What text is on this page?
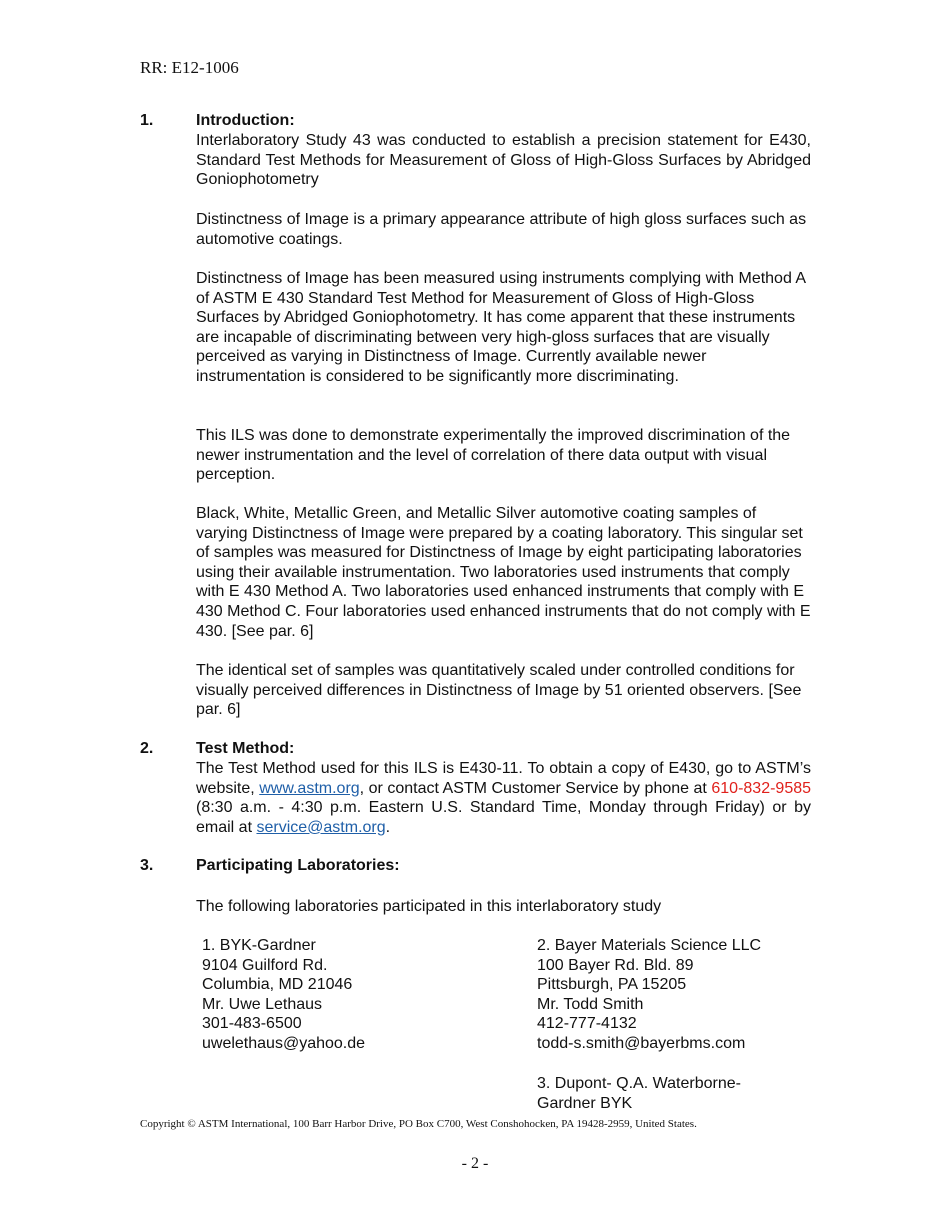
RR: E12-1006
1.	Introduction:

Interlaboratory Study 43 was conducted to establish a precision statement for E430, Standard Test Methods for Measurement of Gloss of High-Gloss Surfaces by Abridged Goniophotometry

Distinctness of Image is a primary appearance attribute of high gloss surfaces such as automotive coatings.

Distinctness of Image has been measured using instruments complying with Method A of ASTM E 430 Standard Test Method for Measurement of Gloss of High-Gloss Surfaces by Abridged Goniophotometry. It has come apparent that these instruments are incapable of discriminating between very high-gloss surfaces that are visually perceived as varying in Distinctness of Image. Currently available newer instrumentation is considered to be significantly more discriminating.

This ILS was done to demonstrate experimentally the improved discrimination of the newer instrumentation and the level of correlation of there data output with visual perception.

Black, White, Metallic Green, and Metallic Silver automotive coating samples of varying Distinctness of Image were prepared by a coating laboratory. This singular set of samples was measured for Distinctness of Image by eight participating laboratories using their available instrumentation. Two laboratories used instruments that comply with E 430 Method A. Two laboratories used enhanced instruments that comply with E 430 Method C. Four laboratories used enhanced instruments that do not comply with E 430. [See par. 6]

The identical set of samples was quantitatively scaled under controlled conditions for visually perceived differences in Distinctness of Image by 51 oriented observers. [See par. 6]

2.	Test Method:

The Test Method used for this ILS is E430-11. To obtain a copy of E430, go to ASTM’s website, www.astm.org, or contact ASTM Customer Service by phone at 610-832-9585 (8:30 a.m. - 4:30 p.m. Eastern U.S. Standard Time, Monday through Friday) or by email at service@astm.org.

3.	Participating Laboratories:

The following laboratories participated in this interlaboratory study

1. BYK-Gardner
9104 Guilford Rd.
Columbia, MD 21046
Mr. Uwe Lethaus
301-483-6500
uwelethaus@yahoo.de
2. Bayer Materials Science LLC
100 Bayer Rd. Bld. 89
Pittsburgh, PA 15205
Mr. Todd Smith
412-777-4132
todd-s.smith@bayerbms.com
3. Dupont- Q.A. Waterborne-
Gardner BYK
Copyright © ASTM International, 100 Barr Harbor Drive, PO Box C700, West Conshohocken, PA 19428-2959, United States.
- 2 -
